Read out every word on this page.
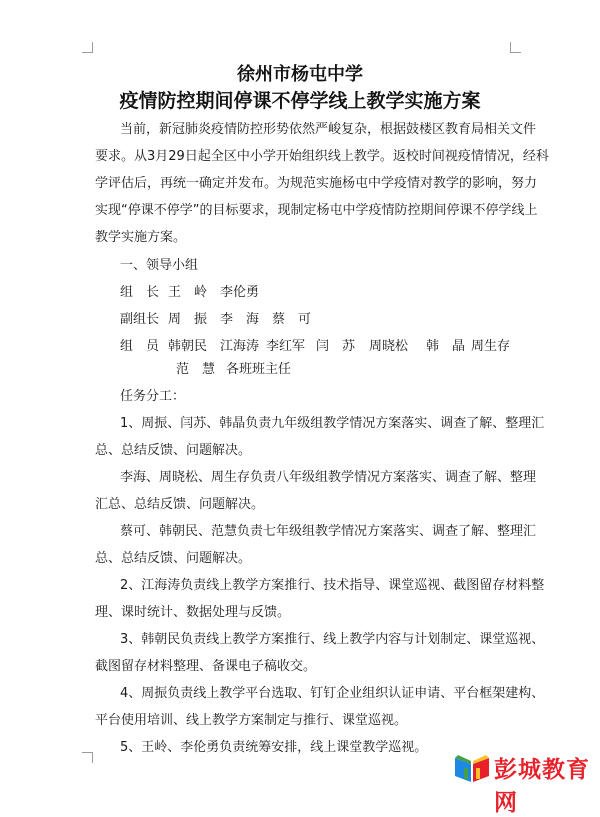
徐州市杨屯中学
疫情防控期间停课不停学线上教学实施方案
当前，新冠肺炎疫情防控形势依然严峻复杂，根据鼓楼区教育局相关文件
要求。从3月29日起全区中小学开始组织线上教学。返校时间视疫情情况，经科
学评估后，再统一确定并发布。为规范实施杨屯中学疫情对教学的影响，努力
实现“停课不停学”的目标要求，现制定杨屯中学疫情防控期间停课不停学线上
教学实施方案。
一、领导小组
组　长 王　岭 李伦勇
副组长 周　振 李　海 蔡　可
组　员 韩朝民 江海涛 李红军 闫　苏 周晓松 韩　晶 周生存
范　慧 各班班主任
任务分工：
1、周振、闫苏、韩晶负责九年级组教学情况方案落实、调查了解、整理汇
总、总结反馈、问题解决。
李海、周晓松、周生存负责八年级组教学情况方案落实、调查了解、整理
汇总、总结反馈、问题解决。
蔡可、韩朝民、范慧负责七年级组教学情况方案落实、调查了解、整理汇
总、总结反馈、问题解决。
2、江海涛负责线上教学方案推行、技术指导、课堂巡视、截图留存材料整
理、课时统计、数据处理与反馈。
3、韩朝民负责线上教学方案推行、线上教学内容与计划制定、课堂巡视、
截图留存材料整理、备课电子稿收交。
4、周振负责线上教学平台选取、钉钉企业组织认证申请、平台框架建构、
平台使用培训、线上教学方案制定与推行、课堂巡视。
5、王岭、李伦勇负责统筹安排，线上课堂教学巡视。
彭城教育网
